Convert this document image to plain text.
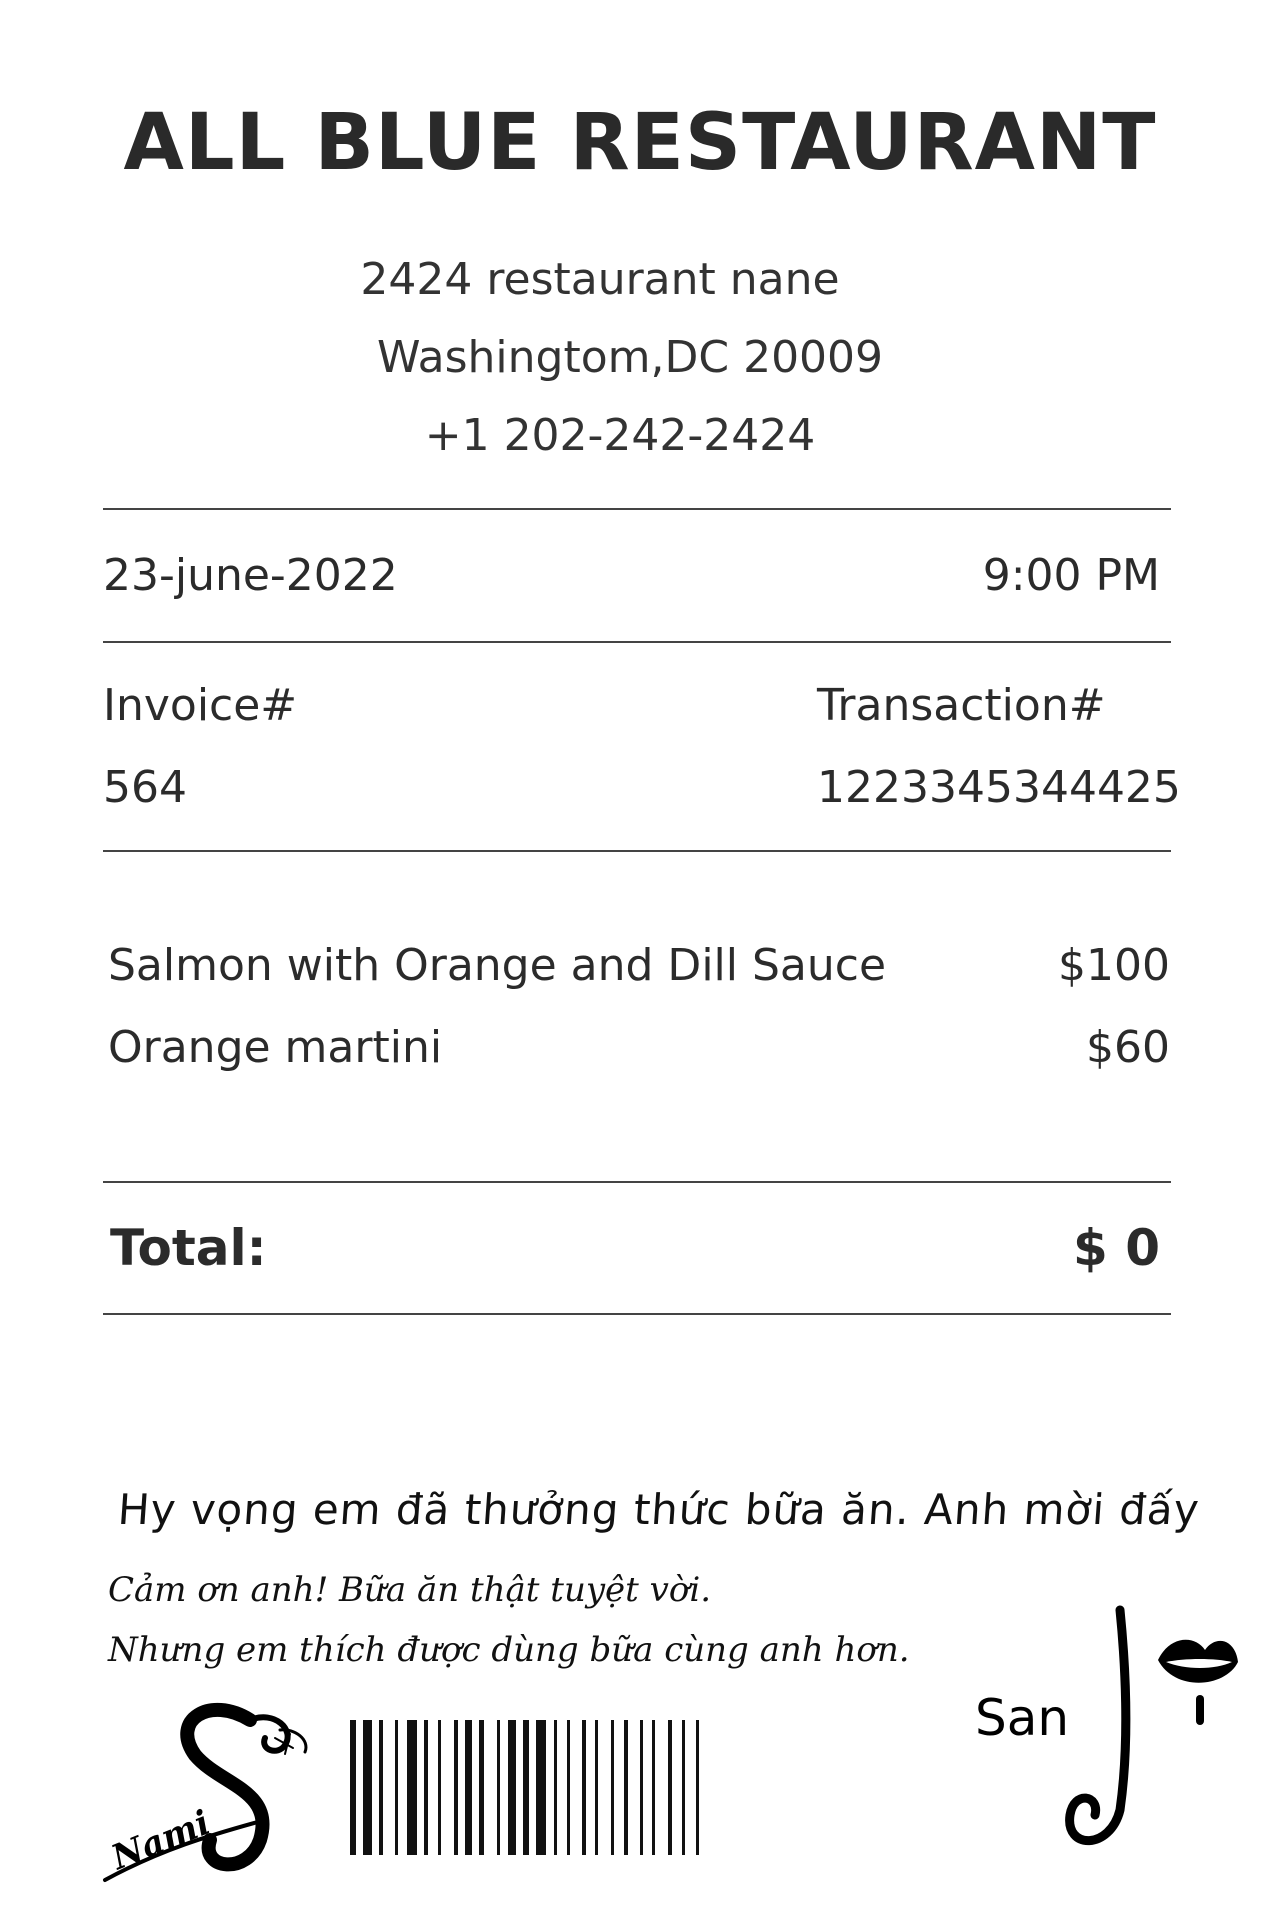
ALL BLUE RESTAURANT
2424 restaurant nane
Washingtom,DC 20009
+1 202-242-2424
23-june-2022	9:00 PM
Invoice#
564
Transaction#
1223345344425
Salmon with Orange and Dill Sauce	$100
Orange martini	$60
Total:	$ 0
Hy vọng em đã thưởng thức bữa ăn. Anh mời đấy
Cảm ơn anh! Bữa ăn thật tuyệt vời.
Nhưng em thích được dùng bữa cùng anh hơn.
Nami
San
